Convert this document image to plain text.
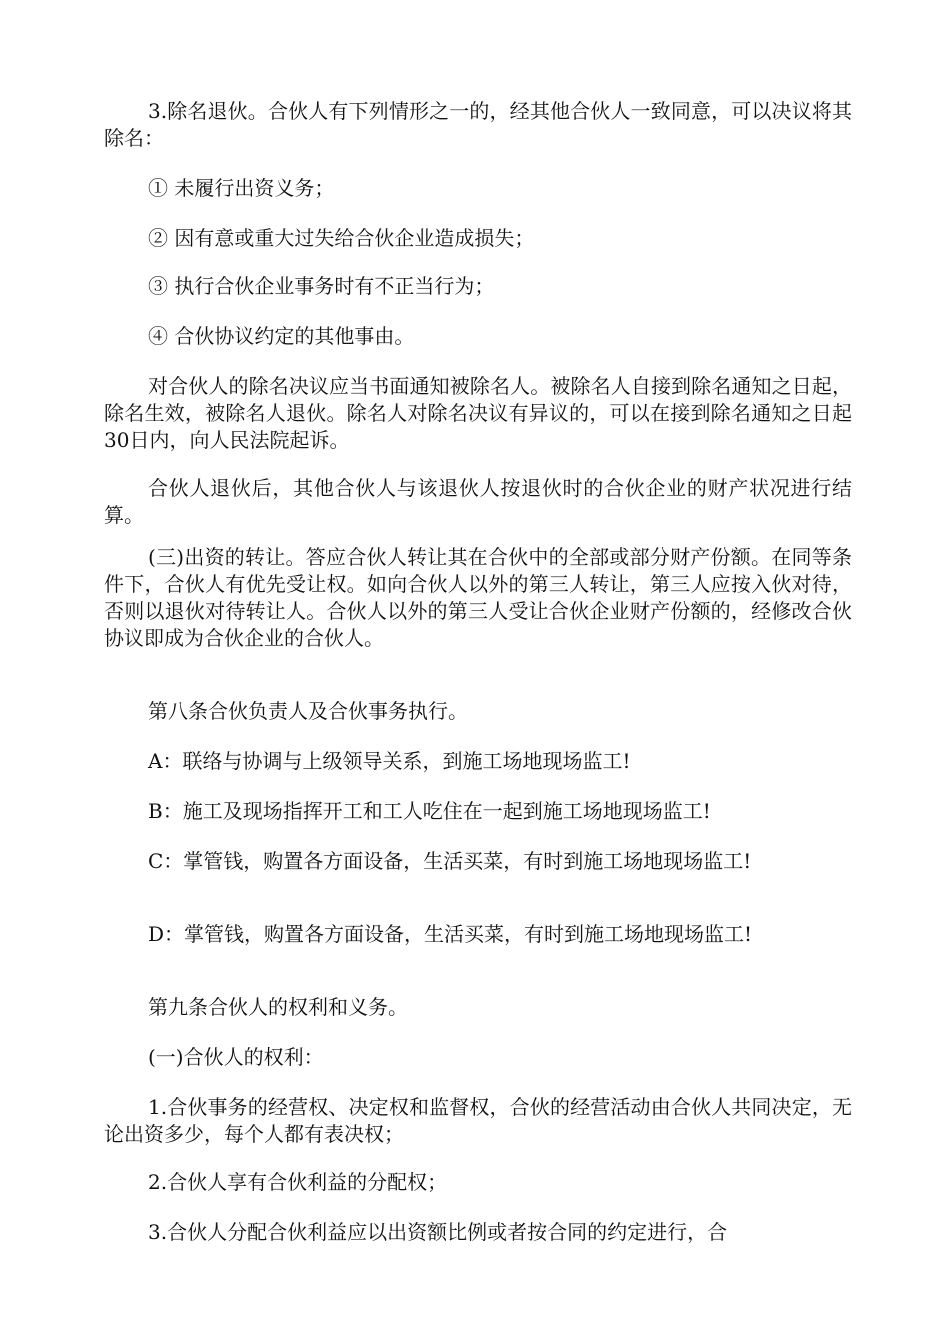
3.除名退伙。合伙人有下列情形之一的，经其他合伙人一致同意，可以决议将其除名：

① 未履行出资义务；

② 因有意或重大过失给合伙企业造成损失；

③ 执行合伙企业事务时有不正当行为；

④ 合伙协议约定的其他事由。

对合伙人的除名决议应当书面通知被除名人。被除名人自接到除名通知之日起，除名生效，被除名人退伙。除名人对除名决议有异议的，可以在接到除名通知之日起30日内，向人民法院起诉。

合伙人退伙后，其他合伙人与该退伙人按退伙时的合伙企业的财产状况进行结算。

(三)出资的转让。答应合伙人转让其在合伙中的全部或部分财产份额。在同等条件下，合伙人有优先受让权。如向合伙人以外的第三人转让，第三人应按入伙对待，否则以退伙对待转让人。合伙人以外的第三人受让合伙企业财产份额的，经修改合伙协议即成为合伙企业的合伙人。

第八条合伙负责人及合伙事务执行。

A：联络与协调与上级领导关系，到施工场地现场监工!

B：施工及现场指挥开工和工人吃住在一起到施工场地现场监工!

C：掌管钱，购置各方面设备，生活买菜，有时到施工场地现场监工!

D：掌管钱，购置各方面设备，生活买菜，有时到施工场地现场监工!

第九条合伙人的权利和义务。

(一)合伙人的权利：

1.合伙事务的经营权、决定权和监督权，合伙的经营活动由合伙人共同决定，无论出资多少，每个人都有表决权；

2.合伙人享有合伙利益的分配权；

3.合伙人分配合伙利益应以出资额比例或者按合同的约定进行，合
